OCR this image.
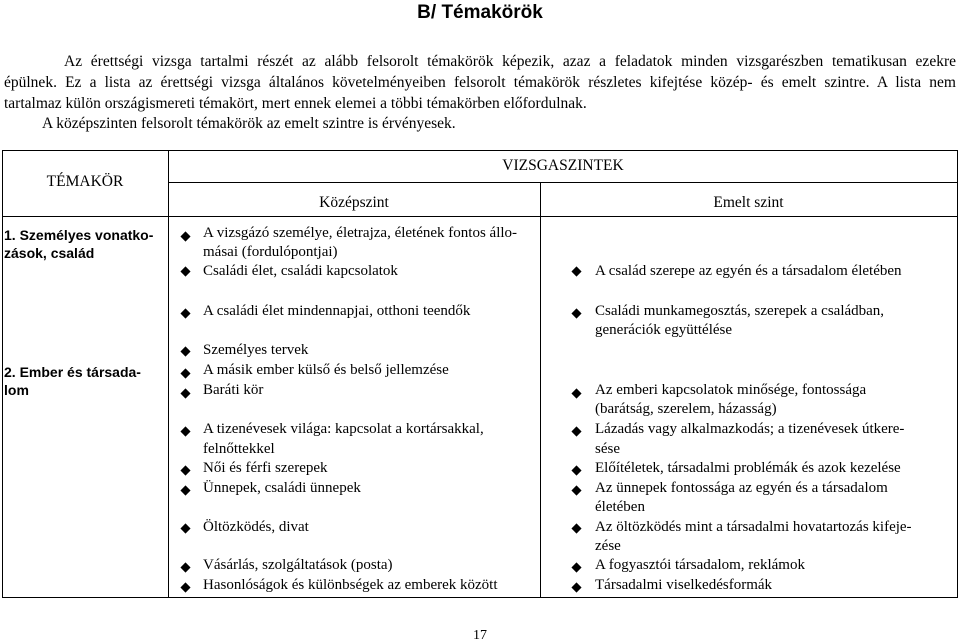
B/ Témakörök
Az érettségi vizsga tartalmi részét az alább felsorolt témakörök képezik, azaz a feladatok minden vizsgarészben tematikusan ezekre
épülnek. Ez a lista az érettségi vizsga általános követelményeiben felsorolt témakörök részletes kifejtése közép- és emelt szintre. A lista nem
tartalmaz külön országismereti témakört, mert ennek elemei a többi témakörben előfordulnak.
A középszinten felsorolt témakörök az emelt szintre is érvényesek.
TÉMAKÖR
VIZSGASZINTEK
Középszint	Emelt szint
1. Személyes vonatko-
zások, család
2. Ember és társada-
lom
A vizsgázó személye, életrajza, életének fontos állo-
másai (fordulópontjai)
Családi élet, családi kapcsolatok
A családi élet mindennapjai, otthoni teendők
Személyes tervek
A másik ember külső és belső jellemzése
Baráti kör
A tizenévesek világa: kapcsolat a kortársakkal,
felnőttekkel
Női és férfi szerepek
Ünnepek, családi ünnepek
Öltözködés, divat
Vásárlás, szolgáltatások (posta)
Hasonlóságok és különbségek az emberek között
A család szerepe az egyén és a társadalom életében
Családi munkamegosztás, szerepek a családban,
generációk együttélése
Az emberi kapcsolatok minősége, fontossága
(barátság, szerelem, házasság)
Lázadás vagy alkalmazkodás; a tizenévesek útkere-
sése
Előítéletek, társadalmi problémák és azok kezelése
Az ünnepek fontossága az egyén és a társadalom
életében
Az öltözködés mint a társadalmi hovatartozás kifeje-
zése
A fogyasztói társadalom, reklámok
Társadalmi viselkedésformák
17
